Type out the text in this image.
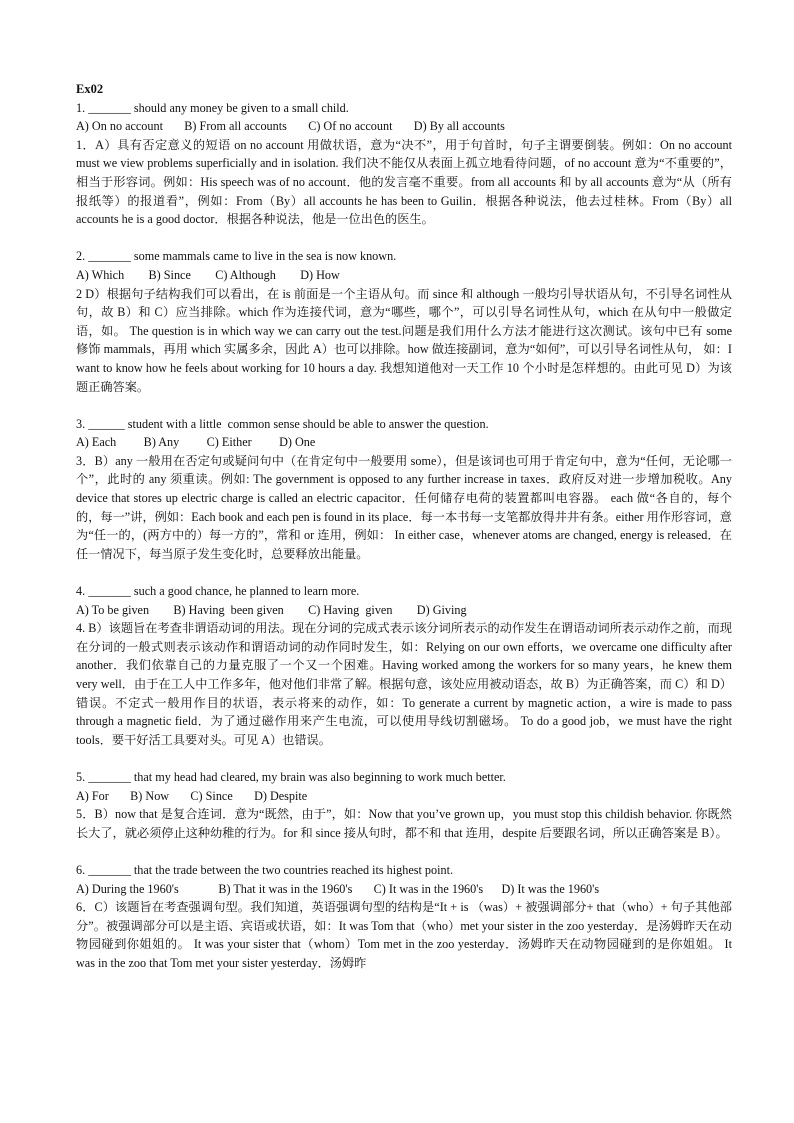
Ex02
1. _______ should any money be given to a small child.
A) On no account       B) From all accounts       C) Of no account       D) By all accounts
1．A）具有否定意义的短语 on no account 用做状语，意为“决不”，用于句首时，句子主谓要倒装。例如：On no account must we view problems superficially and in isolation. 我们决不能仅从表面上孤立地看待问题，of no account 意为“不重要的”，相当于形容词。例如：His speech was of no account．他的发言毫不重要。from all accounts 和 by all accounts 意为“从（所有报纸等）的报道看”，例如：From（By）all accounts he has been to Guilin．根据各种说法，他去过桂林。From（By）all accounts he is a good doctor．根据各种说法，他是一位出色的医生。
2. _______ some mammals came to live in the sea is now known.
A) Which        B) Since        C) Although        D) How
2 D）根据句子结构我们可以看出，在 is 前面是一个主语从句。而 since 和 although 一般均引导状语从句，不引导名词性从句，故 B）和 C）应当排除。which 作为连接代词，意为“哪些，哪个”，可以引导名词性从句，which 在从句中一般做定语，如。 The question is in which way we can carry out the test.问题是我们用什么方法才能进行这次测试。该句中已有 some 修饰 mammals，再用 which 实属多余，因此 A）也可以排除。how 做连接副词，意为“如何”，可以引导名词性从句， 如：I want to know how he feels about working for 10 hours a day. 我想知道他对一天工作 10 个小时是怎样想的。由此可见 D）为该题正确答案。
3. ______ student with a little  common sense should be able to answer the question.
A) Each         B) Any         C) Either         D) One
3．B）any 一般用在否定句或疑问句中（在肯定句中一般要用 some），但是该词也可用于肯定句中，意为“任何，无论哪一个”，此时的 any 须重读。例如: The government is opposed to any further increase in taxes．政府反对进一步增加税收。Any device that stores up electric charge is called an electric capacitor．任何储存电荷的装置都叫电容器。 each 做“各自的，每个的，每一”讲，例如：Each book and each pen is found in its place．每一本书每一支笔都放得井井有条。either 用作形容词，意为“任一的，(两方中的）每一方的”，常和 or 连用，例如： In either case，whenever atoms are changed, energy is released．在任一情况下，每当原子发生变化时，总要释放出能量。
4. _______ such a good chance, he planned to learn more.
A) To be given        B) Having  been given        C) Having  given        D) Giving
4. B）该题旨在考查非谓语动词的用法。现在分词的完成式表示该分词所表示的动作发生在谓语动词所表示动作之前，而现在分词的一般式则表示该动作和谓语动词的动作同时发生，如：Relying on our own efforts，we overcame one difficulty after another．我们依靠自己的力量克服了一个又一个困难。Having worked among the workers for so many years，he knew them very well．由于在工人中工作多年，他对他们非常了解。根据句意，该处应用被动语态，故 B）为正确答案，而 C）和 D）错误。不定式一般用作目的状语，表示将来的动作，如：To generate a current by magnetic action，a wire is made to pass through a magnetic field．为了通过磁作用来产生电流，可以使用导线切割磁场。 To do a good job，we must have the right tools．要干好活工具要对头。可见 A）也错误。
5. _______ that my head had cleared, my brain was also beginning to work much better.
A) For       B) Now       C) Since       D) Despite
5．B）now that 是复合连词．意为“既然，由于”，如：Now that you’ve grown up，you must stop this childish behavior. 你既然长大了，就必须停止这种幼稚的行为。for 和 since 接从句时，都不和 that 连用，despite 后要跟名词，所以正确答案是 B）。
6. _______ that the trade between the two countries reached its highest point.
A) During the 1960's             B) That it was in the 1960's       C) It was in the 1960's      D) It was the 1960's
6．C）该题旨在考查强调句型。我们知道，英语强调句型的结构是“It + is （was）+ 被强调部分+ that（who）+ 句子其他部分”。被强调部分可以是主语、宾语或状语，如：It was Tom that（who）met your sister in the zoo yesterday．是汤姆昨天在动物园碰到你姐姐的。 It was your sister that（whom）Tom met in the zoo yesterday．汤姆昨天在动物园碰到的是你姐姐。 It was in the zoo that Tom met your sister yesterday．汤姆昨
